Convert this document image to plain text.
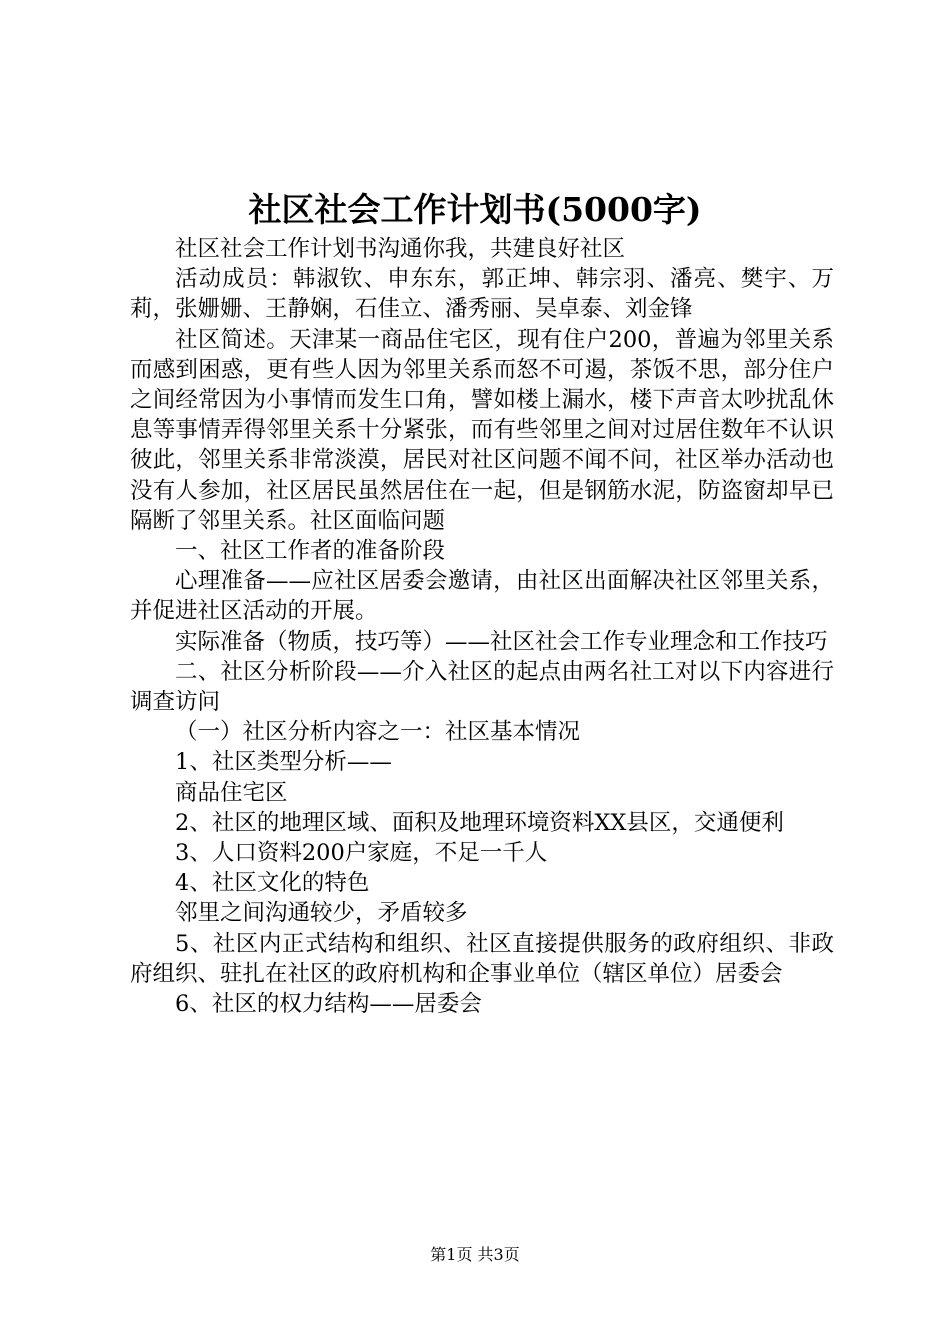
社区社会工作计划书(5000字)

社区社会工作计划书沟通你我，共建良好社区

活动成员：韩淑钦、申东东，郭正坤、韩宗羽、潘亮、樊宇、万莉，张姗姗、王静娴，石佳立、潘秀丽、吴卓泰、刘金锋

社区简述。天津某一商品住宅区，现有住户200，普遍为邻里关系而感到困惑，更有些人因为邻里关系而怒不可遏，茶饭不思，部分住户之间经常因为小事情而发生口角，譬如楼上漏水，楼下声音太吵扰乱休息等事情弄得邻里关系十分紧张，而有些邻里之间对过居住数年不认识彼此，邻里关系非常淡漠，居民对社区问题不闻不问，社区举办活动也没有人参加，社区居民虽然居住在一起，但是钢筋水泥，防盗窗却早已隔断了邻里关系。社区面临问题

一、社区工作者的准备阶段

心理准备——应社区居委会邀请，由社区出面解决社区邻里关系，并促进社区活动的开展。

实际准备（物质，技巧等）——社区社会工作专业理念和工作技巧

二、社区分析阶段——介入社区的起点由两名社工对以下内容进行调查访问

（一）社区分析内容之一：社区基本情况

1、社区类型分析——

商品住宅区

2、社区的地理区域、面积及地理环境资料XX县区，交通便利

3、人口资料200户家庭，不足一千人

4、社区文化的特色

邻里之间沟通较少，矛盾较多

5、社区内正式结构和组织、社区直接提供服务的政府组织、非政府组织、驻扎在社区的政府机构和企事业单位（辖区单位）居委会

6、社区的权力结构——居委会

第1页 共3页
